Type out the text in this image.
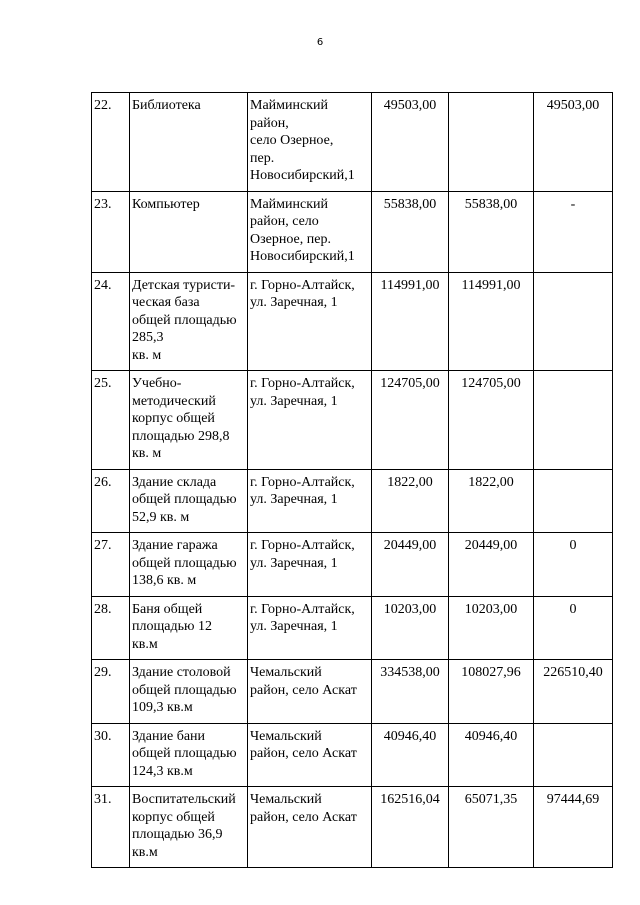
6
22.	Библиотека	Майминский
район,
село Озерное,
пер.
Новосибирский,1	49503,00		49503,00
23.	Компьютер	Майминский
район, село
Озерное, пер.
Новосибирский,1	55838,00	55838,00	-
24.	Детская туристи-
ческая база
общей площадью
285,3
кв. м	г. Горно-Алтайск,
ул. Заречная, 1	114991,00	114991,00	
25.	Учебно-
методический
корпус общей
площадью 298,8
кв. м	г. Горно-Алтайск,
ул. Заречная, 1	124705,00	124705,00	
26.	Здание склада
общей площадью
52,9 кв. м	г. Горно-Алтайск,
ул. Заречная, 1	1822,00	1822,00	
27.	Здание гаража
общей площадью
138,6 кв. м	г. Горно-Алтайск,
ул. Заречная, 1	20449,00	20449,00	0
28.	Баня общей
площадью 12
кв.м	г. Горно-Алтайск,
ул. Заречная, 1	10203,00	10203,00	0
29.	Здание столовой
общей площадью
109,3 кв.м	Чемальский
район, село Аскат	334538,00	108027,96	226510,40
30.	Здание бани
общей площадью
124,3 кв.м	Чемальский
район, село Аскат	40946,40	40946,40	
31.	Воспитательский
корпус общей
площадью 36,9
кв.м	Чемальский
район, село Аскат	162516,04	65071,35	97444,69
